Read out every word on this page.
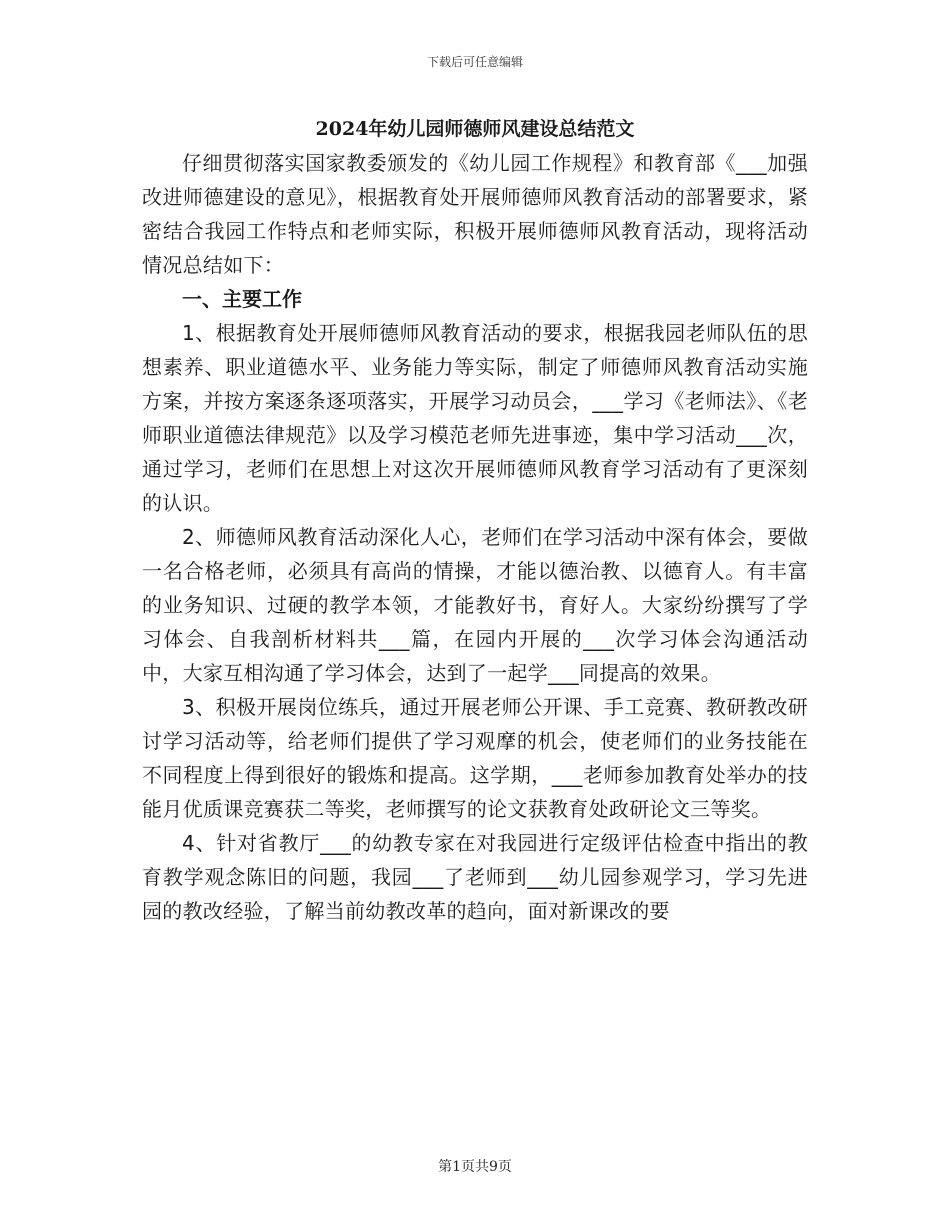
下载后可任意编辑
2024年幼儿园师德师风建设总结范文

仔细贯彻落实国家教委颁发的《幼儿园工作规程》和教育部《___加强改进师德建设的意见》，根据教育处开展师德师风教育活动的部署要求，紧密结合我园工作特点和老师实际，积极开展师德师风教育活动，现将活动情况总结如下：

一、主要工作

1、根据教育处开展师德师风教育活动的要求，根据我园老师队伍的思想素养、职业道德水平、业务能力等实际，制定了师德师风教育活动实施方案，并按方案逐条逐项落实，开展学习动员会，___学习《老师法》、《老师职业道德法律规范》以及学习模范老师先进事迹，集中学习活动___次，通过学习，老师们在思想上对这次开展师德师风教育学习活动有了更深刻的认识。

2、师德师风教育活动深化人心，老师们在学习活动中深有体会，要做一名合格老师，必须具有高尚的情操，才能以德治教、以德育人。有丰富的业务知识、过硬的教学本领，才能教好书，育好人。大家纷纷撰写了学习体会、自我剖析材料共___篇，在园内开展的___次学习体会沟通活动中，大家互相沟通了学习体会，达到了一起学___同提高的效果。

3、积极开展岗位练兵，通过开展老师公开课、手工竞赛、教研教改研讨学习活动等，给老师们提供了学习观摩的机会，使老师们的业务技能在不同程度上得到很好的锻炼和提高。这学期，___老师参加教育处举办的技能月优质课竞赛获二等奖，老师撰写的论文获教育处政研论文三等奖。

4、针对省教厅___的幼教专家在对我园进行定级评估检查中指出的教育教学观念陈旧的问题，我园___了老师到___幼儿园参观学习，学习先进园的教改经验，了解当前幼教改革的趋向，面对新课改的要

第1页共9页
